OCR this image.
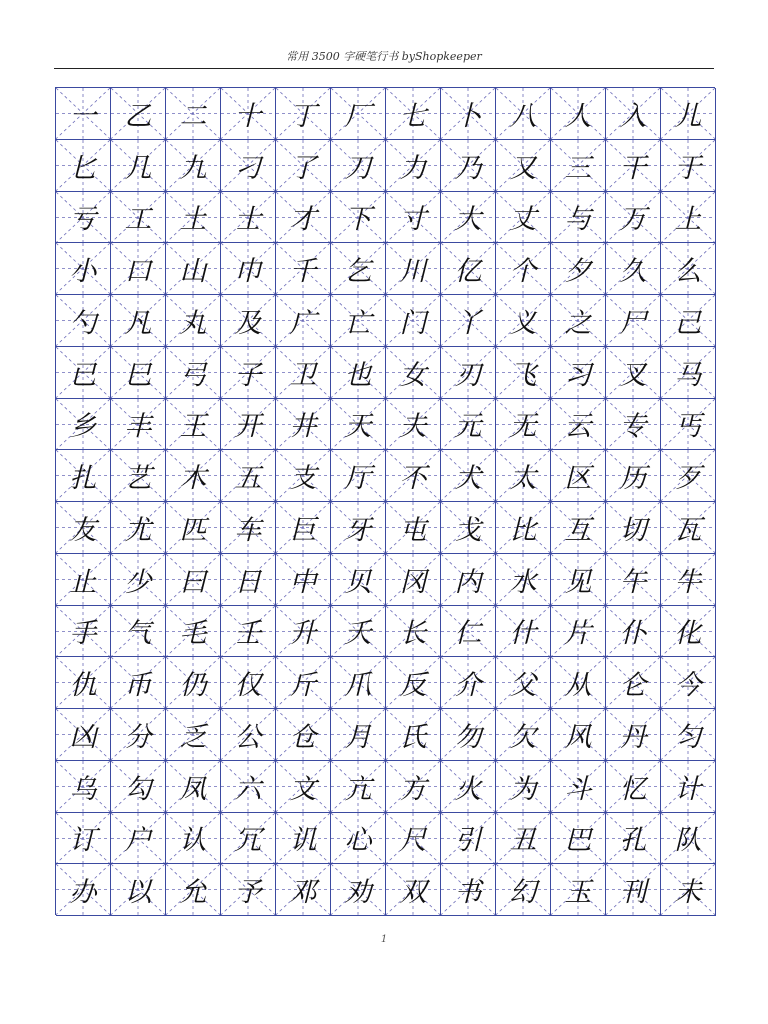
常用 3500 字硬笔行书 byShopkeeper
一	乙	二	十	丁	厂	七	卜	八	人	入	儿
匕	几	九	刁	了	刀	力	乃	又	三	干	于
亏	工	土	士	才	下	寸	大	丈	与	万	上
小	口	山	巾	千	乞	川	亿	个	夕	久	么
勺	凡	丸	及	广	亡	门	丫	义	之	尸	己
已	巳	弓	子	卫	也	女	刃	飞	习	叉	马
乡	丰	王	开	井	天	夫	元	无	云	专	丐
扎	艺	木	五	支	厅	不	犬	太	区	历	歹
友	尤	匹	车	巨	牙	屯	戈	比	互	切	瓦
止	少	曰	日	中	贝	冈	内	水	见	午	牛
手	气	毛	壬	升	夭	长	仁	什	片	仆	化
仇	币	仍	仅	斤	爪	反	介	父	从	仑	今
凶	分	乏	公	仓	月	氏	勿	欠	风	丹	匀
乌	勾	凤	六	文	亢	方	火	为	斗	忆	计
订	户	认	冗	讥	心	尺	引	丑	巴	孔	队
办	以	允	予	邓	劝	双	书	幻	玉	刊	未
1
